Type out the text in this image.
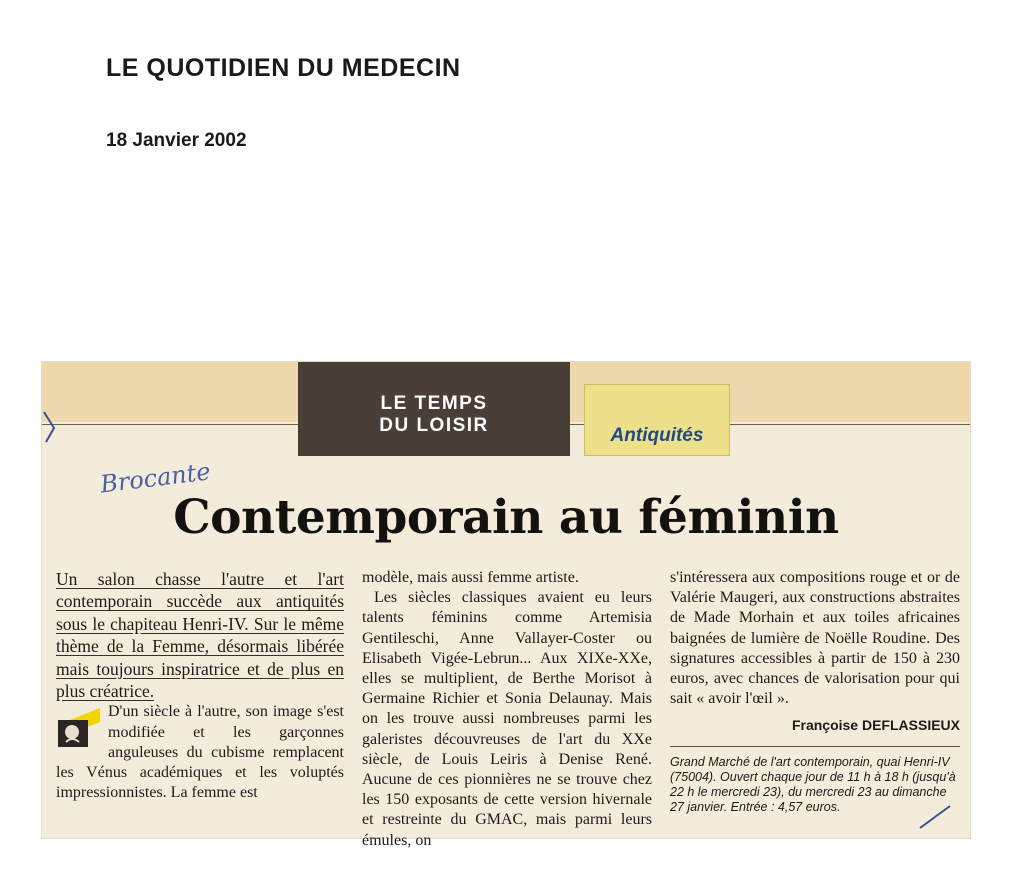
LE QUOTIDIEN DU MEDECIN
18 Janvier 2002
LE TEMPS
DU LOISIR	Antiquités
Brocante
Contemporain au féminin

Un salon chasse l'autre et l'art contemporain succède aux antiquités sous le chapiteau Henri-IV. Sur le même thème de la Femme, désormais libérée mais toujours inspiratrice et de plus en plus créatrice.

D'un siècle à l'autre, son image s'est modifiée et les garçonnes anguleuses du cubisme remplacent les Vénus académiques et les voluptés impressionnistes. La femme est

modèle, mais aussi femme artiste.

Les siècles classiques avaient eu leurs talents féminins comme Artemisia Gentileschi, Anne Vallayer-Coster ou Elisabeth Vigée-Lebrun... Aux XIXe-XXe, elles se multiplient, de Berthe Morisot à Germaine Richier et Sonia Delaunay. Mais on les trouve aussi nombreuses parmi les galeristes découvreuses de l'art du XXe siècle, de Louis Leiris à Denise René. Aucune de ces pionnières ne se trouve chez les 150 exposants de cette version hivernale et restreinte du GMAC, mais parmi leurs émules, on

s'intéressera aux compositions rouge et or de Valérie Maugeri, aux constructions abstraites de Made Morhain et aux toiles africaines baignées de lumière de Noëlle Roudine. Des signatures accessibles à partir de 150 à 230 euros, avec chances de valorisation pour qui sait « avoir l'œil ».

Françoise DEFLASSIEUX
Grand Marché de l'art contemporain, quai Henri-IV (75004). Ouvert chaque jour de 11 h à 18 h (jusqu'à 22 h le mercredi 23), du mercredi 23 au dimanche 27 janvier. Entrée : 4,57 euros.
